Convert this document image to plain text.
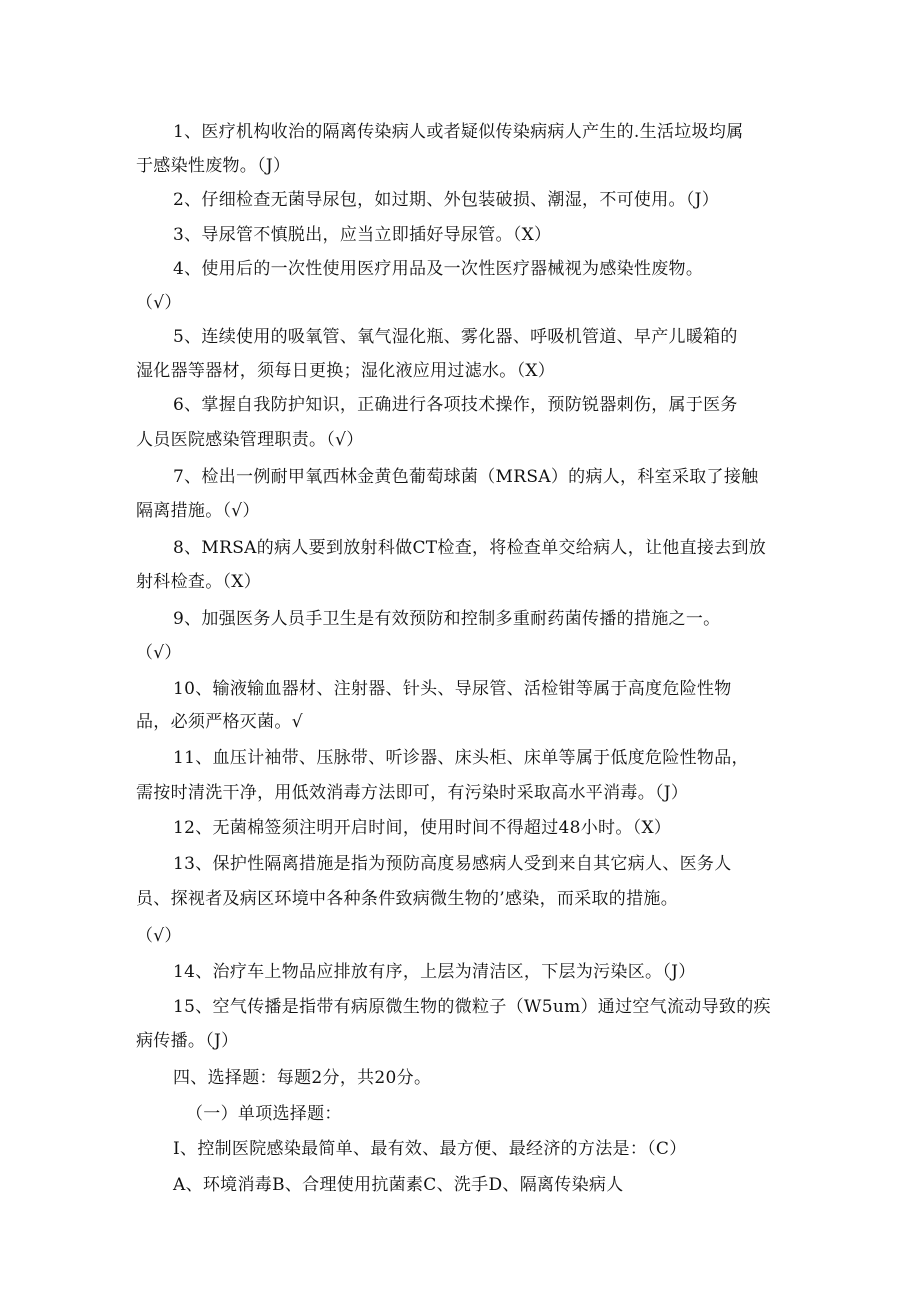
1、医疗机构收治的隔离传染病人或者疑似传染病病人产生的.生活垃圾均属
于感染性废物。（J）
2、仔细检查无菌导尿包，如过期、外包装破损、潮湿，不可使用。（J）
3、导尿管不慎脱出，应当立即插好导尿管。（X）
4、使用后的一次性使用医疗用品及一次性医疗器械视为感染性废物。
（√）
5、连续使用的吸氧管、氧气湿化瓶、雾化器、呼吸机管道、早产儿暖箱的
湿化器等器材，须每日更换；湿化液应用过滤水。（X）
6、掌握自我防护知识，正确进行各项技术操作，预防锐器刺伤，属于医务
人员医院感染管理职责。（√）
7、检出一例耐甲氧西林金黄色葡萄球菌（MRSA）的病人，科室采取了接触
隔离措施。（√）
8、MRSA的病人要到放射科做CT检查，将检查单交给病人，让他直接去到放
射科检查。（X）
9、加强医务人员手卫生是有效预防和控制多重耐药菌传播的措施之一。
（√）
10、输液输血器材、注射器、针头、导尿管、活检钳等属于高度危险性物
品，必须严格灭菌。√
11、血压计袖带、压脉带、听诊器、床头柜、床单等属于低度危险性物品，
需按时清洗干净，用低效消毒方法即可，有污染时采取高水平消毒。（J）
12、无菌棉签须注明开启时间，使用时间不得超过48小时。（X）
13、保护性隔离措施是指为预防高度易感病人受到来自其它病人、医务人
员、探视者及病区环境中各种条件致病微生物的’感染，而采取的措施。
（√）
14、治疗车上物品应排放有序，上层为清洁区，下层为污染区。（J）
15、空气传播是指带有病原微生物的微粒子（W5um）通过空气流动导致的疾
病传播。（J）
四、选择题：每题2分，共20分。
（一）单项选择题：
I、控制医院感染最简单、最有效、最方便、最经济的方法是：（C）
A、环境消毒B、合理使用抗菌素C、洗手D、隔离传染病人
